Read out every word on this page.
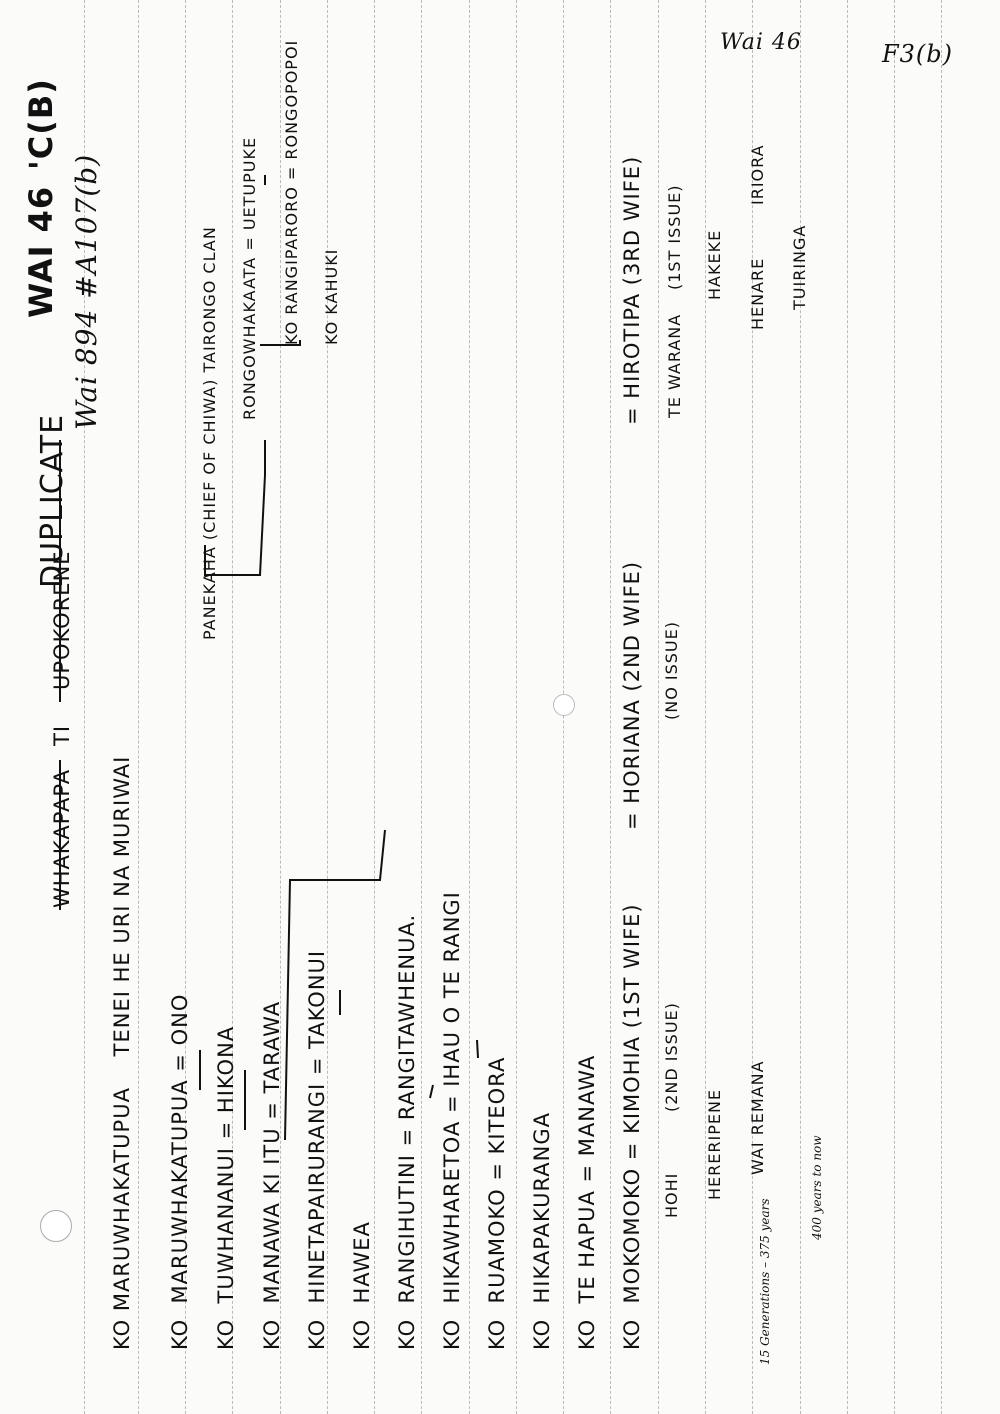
WHAKAPAPA   TI
UPOKORENE
DUPLICATE
WAI 46
'C(B)
Wai 894 #A107(b)
Wai 46	F3(b)
KO MARUWHAKATUPUA    TENEI HE URI NA MURIWAI
KO  MARUWHAKATUPUA = ONO
KO  TUWHANANUI = HIKONA
KO  MANAWA KI ITU = TARAWA
KO  HINETAPAIRURANGI = TAKONUI
KO  HAWEA
KO  RANGIHUTINI = RANGITAWHENUA.
KO  HIKAWHARETOA = IHAU O TE RANGI
KO  RUAMOKO = KITEORA
KO  HIKAPAKURANGA
KO  TE HAPUA = MANAWA
KO  MOKOMOKO = KIMOHIA (1ST WIFE)
= HORIANA (2ND WIFE)
= HIROTIPA (3RD WIFE)
HOHI
(2ND ISSUE)
HERERIPENE WAI REMANA
(NO ISSUE)
(1ST ISSUE)
TE WARANA
HAKEKE HENARE
IRIORA
TUIRINGA
PANEKAHA (CHIEF OF CHIWA) TAIRONGO CLAN RONGOWHAKAATA = UETUPUKE KO RANGIPARORO = RONGOPOPOI
KO KAHUKI
15 Generations – 375 years
400 years to now
